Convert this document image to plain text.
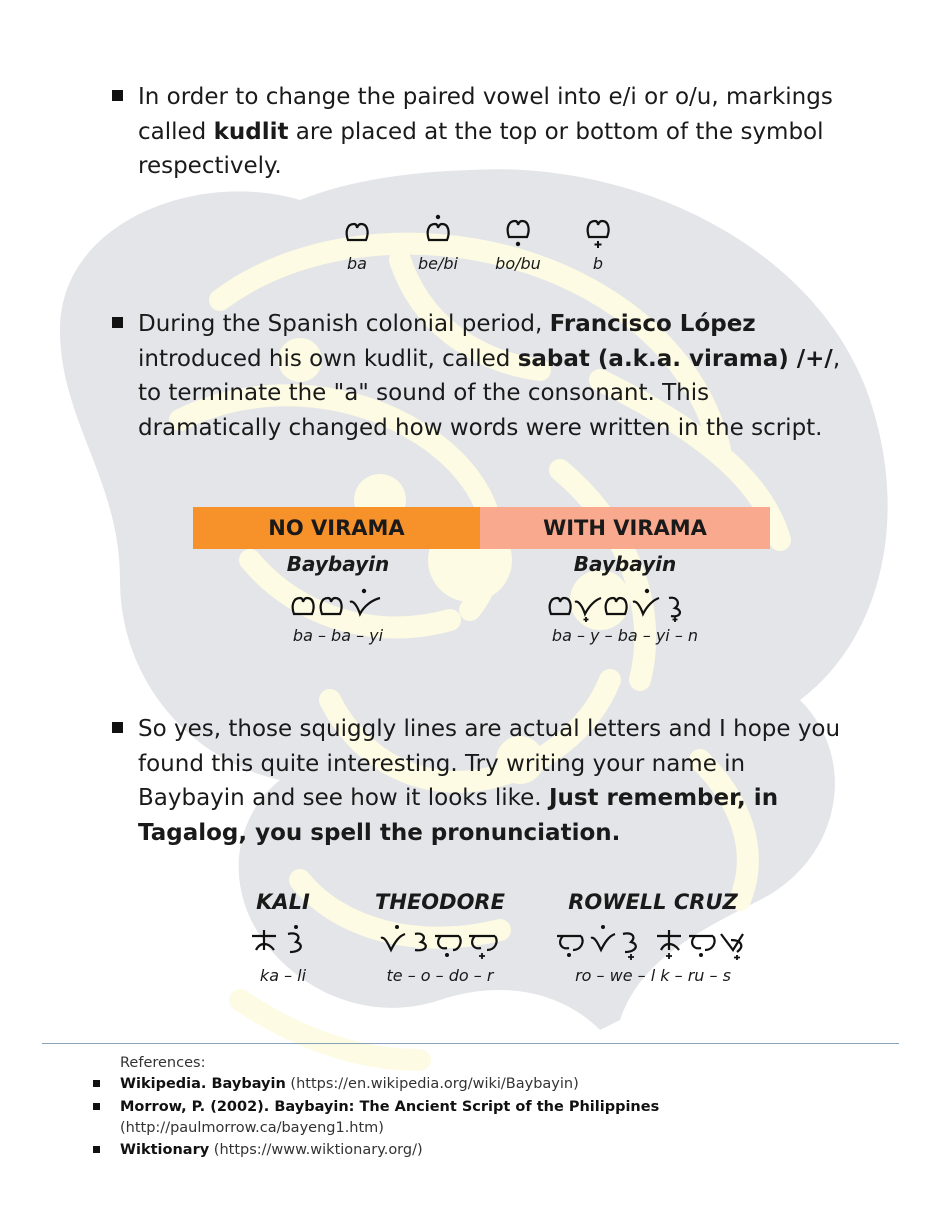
In order to change the paired vowel into e/i or o/u, markings called kudlit are placed at the top or bottom of the symbol respectively.
ba	be/bi	bo/bu	b
During the Spanish colonial period, Francisco López introduced his own kudlit, called sabat (a.k.a. virama) /+/, to terminate the "a" sound of the consonant. This dramatically changed how words were written in the script.
NO VIRAMA	WITH VIRAMA
Baybayin
ba – ba – yi
Baybayin
ba – y – ba – yi – n
So yes, those squiggly lines are actual letters and I hope you found this quite interesting. Try writing your name in Baybayin and see how it looks like. Just remember, in Tagalog, you spell the pronunciation.
KALI
ka – li
THEODORE
te – o – do – r
ROWELL CRUZ
ro – we – l k – ru – s
References:
Wikipedia. Baybayin (https://en.wikipedia.org/wiki/Baybayin)
Morrow, P. (2002). Baybayin: The Ancient Script of the Philippines (http://paulmorrow.ca/bayeng1.htm)
Wiktionary (https://www.wiktionary.org/)
